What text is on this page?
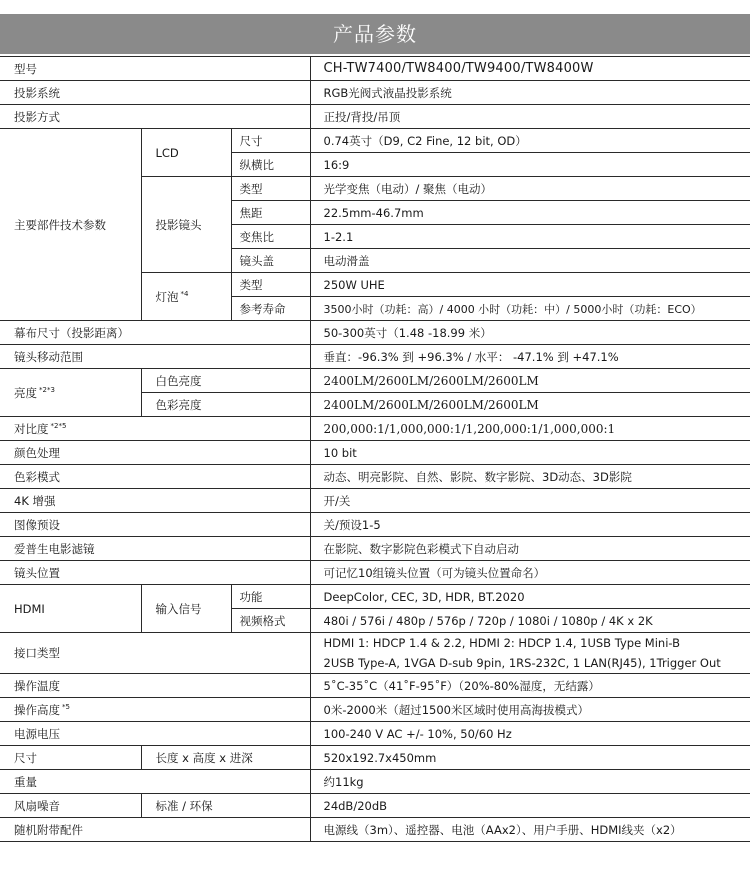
产品参数
型号			CH-TW7400/TW8400/TW9400/TW8400W
投影系统			RGB光阀式液晶投影系统
投影方式			正投/背投/吊顶
主要部件技术参数	LCD	尺寸	0.74英寸（D9, C2 Fine, 12 bit, OD）
		纵横比	16:9
	投影镜头	类型	光学变焦（电动）/ 聚焦（电动）
		焦距	22.5mm-46.7mm
		变焦比	1-2.1
		镜头盖	电动滑盖
	灯泡 $^{*4}$	类型	250W UHE
		参考寿命	3500小时（功耗：高）/ 4000 小时（功耗：中）/ 5000小时（功耗：ECO）
幕布尺寸（投影距离）			50-300英寸（1.48 -18.99 米）
镜头移动范围			垂直：-96.3% 到 +96.3% / 水平： -47.1% 到 +47.1%
亮度 $^{*2*3}$	白色亮度		2400LM/2600LM/2600LM/2600LM
	色彩亮度		2400LM/2600LM/2600LM/2600LM
对比度 $^{*2*5}$			200,000:1/1,000,000:1/1,200,000:1/1,000,000:1
颜色处理			10 bit
色彩模式			动态、明亮影院、自然、影院、数字影院、3D动态、3D影院
4K 增强			开/关
图像预设			关/预设1-5
爱普生电影滤镜			在影院、数字影院色彩模式下自动启动
镜头位置			可记忆10组镜头位置（可为镜头位置命名）
HDMI	输入信号	功能	DeepColor, CEC, 3D, HDR, BT.2020
		视频格式	480i / 576i / 480p / 576p / 720p / 1080i / 1080p / 4K x 2K
接口类型			HDMI 1: HDCP 1.4 & 2.2, HDMI 2: HDCP 1.4, 1USB Type Mini-B
2USB Type-A, 1VGA D-sub 9pin, 1RS-232C, 1 LAN(RJ45), 1Trigger Out

操作温度			5˚C-35˚C（41˚F-95˚F）（20%-80%湿度，无结露）
操作高度 $^{*5}$			0米-2000米（超过1500米区域时使用高海拔模式）
电源电压			100-240 V AC +/- 10%, 50/60 Hz
尺寸	长度 x 高度 x 进深		520x192.7x450mm
重量			约11kg
风扇噪音	标准 / 环保		24dB/20dB
随机附带配件			电源线（3m）、遥控器、电池（AAx2）、用户手册、HDMI线夹（x2）
